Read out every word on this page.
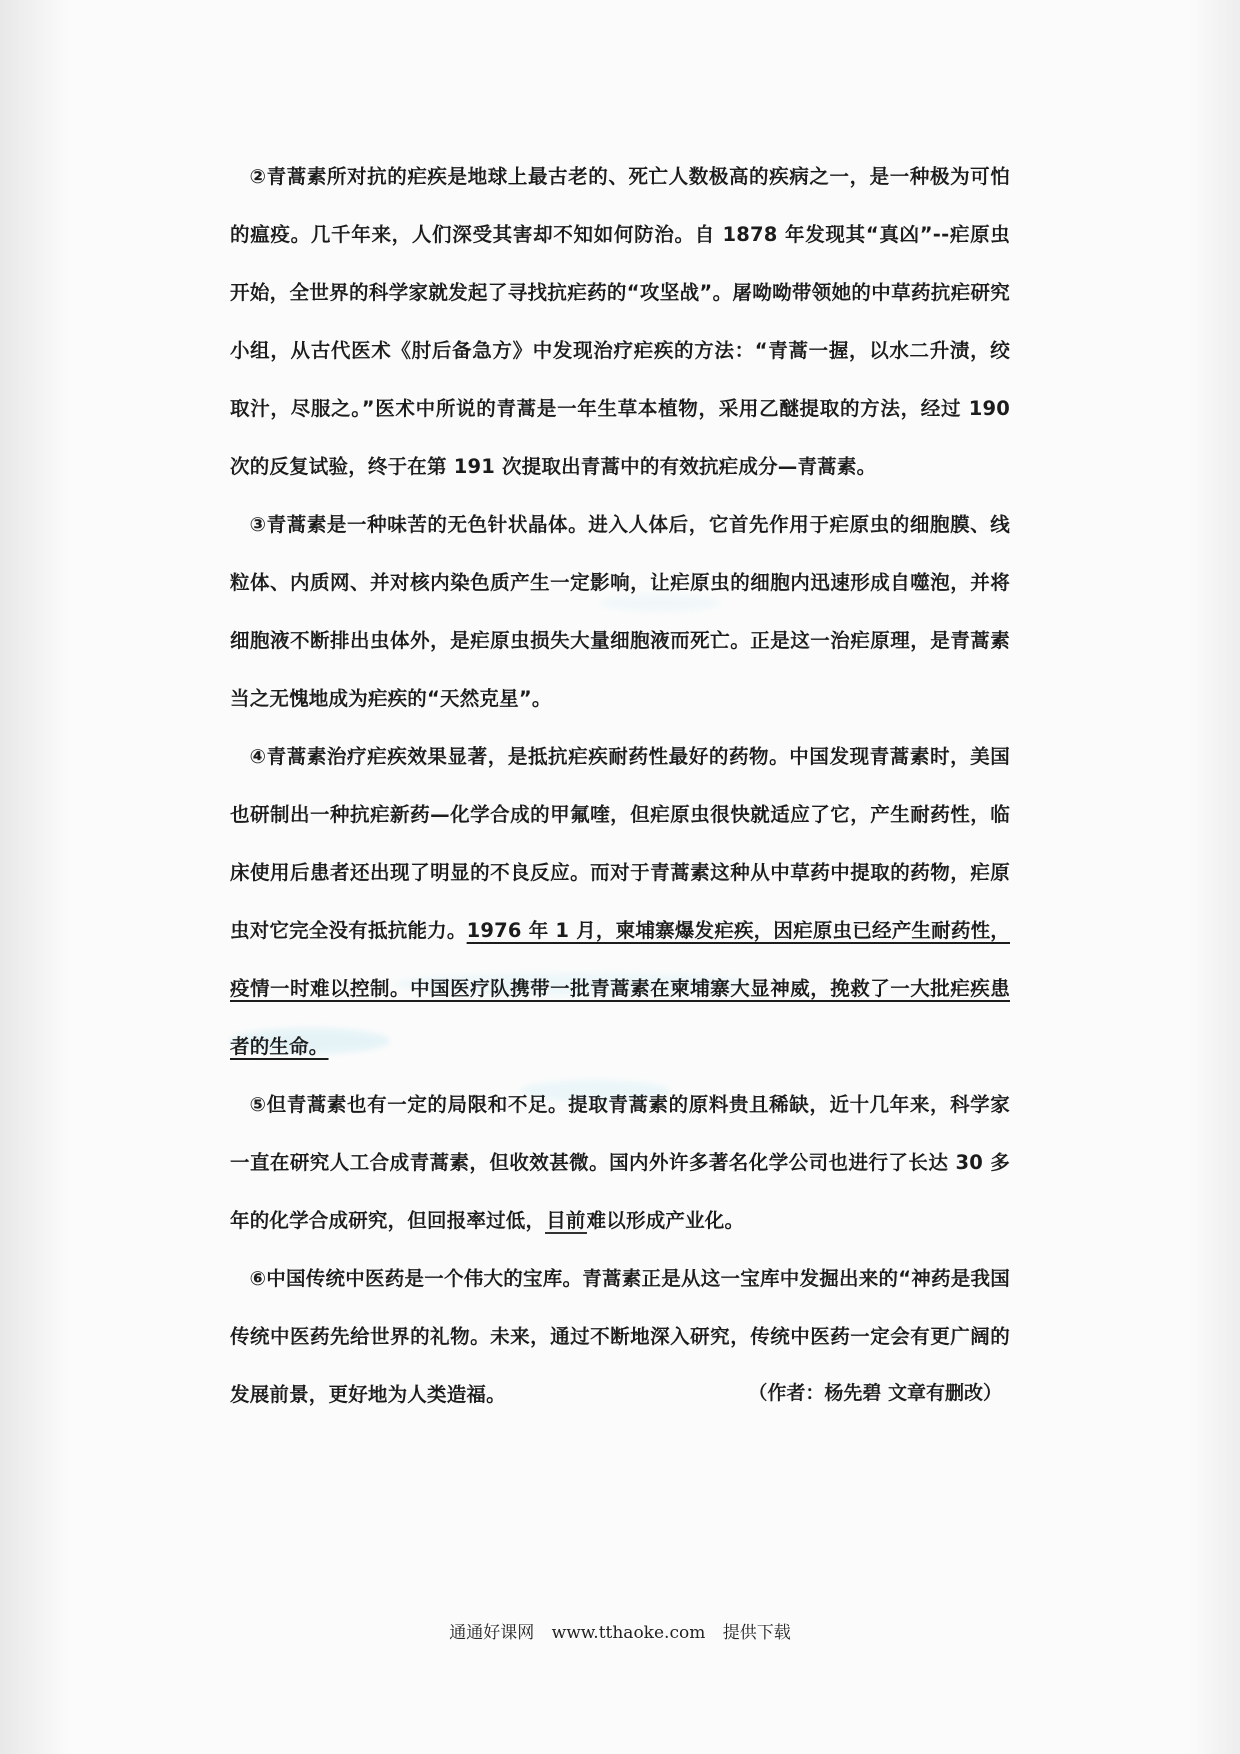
②青蒿素所对抗的疟疾是地球上最古老的、死亡人数极高的疾病之一，是一种极为可怕的瘟疫。几千年来，人们深受其害却不知如何防治。自 1878 年发现其“真凶”--疟原虫开始，全世界的科学家就发起了寻找抗疟药的“攻坚战”。屠呦呦带领她的中草药抗疟研究小组，从古代医术《肘后备急方》中发现治疗疟疾的方法：“青蒿一握，以水二升渍，绞取汁，尽服之。”医术中所说的青蒿是一年生草本植物，采用乙醚提取的方法，经过 190 次的反复试验，终于在第 191 次提取出青蒿中的有效抗疟成分—青蒿素。

③青蒿素是一种味苦的无色针状晶体。进入人体后，它首先作用于疟原虫的细胞膜、线粒体、内质网、并对核内染色质产生一定影响，让疟原虫的细胞内迅速形成自噬泡，并将细胞液不断排出虫体外，是疟原虫损失大量细胞液而死亡。正是这一治疟原理，是青蒿素当之无愧地成为疟疾的“天然克星”。

④青蒿素治疗疟疾效果显著，是抵抗疟疾耐药性最好的药物。中国发现青蒿素时，美国也研制出一种抗疟新药—化学合成的甲氟喹，但疟原虫很快就适应了它，产生耐药性，临床使用后患者还出现了明显的不良反应。而对于青蒿素这种从中草药中提取的药物，疟原虫对它完全没有抵抗能力。1976 年 1 月，柬埔寨爆发疟疾，因疟原虫已经产生耐药性，疫情一时难以控制。中国医疗队携带一批青蒿素在柬埔寨大显神威，挽救了一大批疟疾患者的生命。

⑤但青蒿素也有一定的局限和不足。提取青蒿素的原料贵且稀缺，近十几年来，科学家一直在研究人工合成青蒿素，但收效甚微。国内外许多著名化学公司也进行了长达 30 多年的化学合成研究，但回报率过低，目前难以形成产业化。

⑥中国传统中医药是一个伟大的宝库。青蒿素正是从这一宝库中发掘出来的“神药是我国传统中医药先给世界的礼物。未来，通过不断地深入研究，传统中医药一定会有更广阔的发展前景，更好地为人类造福。	（作者：杨先碧 文章有删改）
通通好课网 www.tthaoke.com 提供下载
